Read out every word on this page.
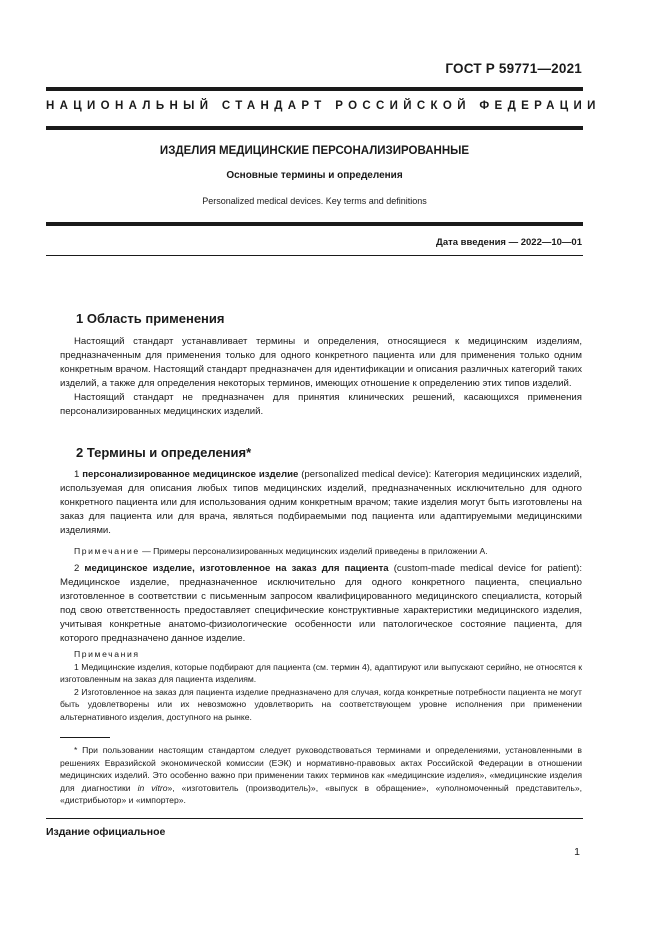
ГОСТ Р 59771—2021
НАЦИОНАЛЬНЫЙ СТАНДАРТ РОССИЙСКОЙ ФЕДЕРАЦИИ
ИЗДЕЛИЯ МЕДИЦИНСКИЕ ПЕРСОНАЛИЗИРОВАННЫЕ
Основные термины и определения
Personalized medical devices. Key terms and definitions
Дата введения — 2022—10—01
1 Область применения

Настоящий стандарт устанавливает термины и определения, относящиеся к медицинским изделиям, предназначенным для применения только для одного конкретного пациента или для применения только одним конкретным врачом. Настоящий стандарт предназначен для идентификации и описания различных категорий таких изделий, а также для определения некоторых терминов, имеющих отношение к определению этих типов изделий.

Настоящий стандарт не предназначен для принятия клинических решений, касающихся применения персонализированных медицинских изделий.

2 Термины и определения*

1 персонализированное медицинское изделие (personalized medical device): Категория медицинских изделий, используемая для описания любых типов медицинских изделий, предназначенных исключительно для одного конкретного пациента или для использования одним конкретным врачом; такие изделия могут быть изготовлены на заказ для пациента или для врача, являться подбираемыми под пациента или адаптируемыми медицинскими изделиями.

Примечание — Примеры персонализированных медицинских изделий приведены в приложении А.

2 медицинское изделие, изготовленное на заказ для пациента (custom-made medical device for patient): Медицинское изделие, предназначенное исключительно для одного конкретного пациента, специально изготовленное в соответствии с письменным запросом квалифицированного медицинского специалиста, который под свою ответственность предоставляет специфические конструктивные характеристики медицинского изделия, учитывая конкретные анатомо-физиологические особенности или патологическое состояние пациента, для которого предназначено данное изделие.

Примечания

1 Медицинские изделия, которые подбирают для пациента (см. термин 4), адаптируют или выпускают серийно, не относятся к изготовленным на заказ для пациента изделиям.

2 Изготовленное на заказ для пациента изделие предназначено для случая, когда конкретные потребности пациента не могут быть удовлетворены или их невозможно удовлетворить на соответствующем уровне исполнения при применении альтернативного изделия, доступного на рынке.

* При пользовании настоящим стандартом следует руководствоваться терминами и определениями, установленными в решениях Евразийской экономической комиссии (ЕЭК) и нормативно-правовых актах Российской Федерации в отношении медицинских изделий. Это особенно важно при применении таких терминов как «медицинские изделия», «медицинские изделия для диагностики in vitro», «изготовитель (производитель)», «выпуск в обращение», «уполномоченный представитель», «дистрибьютор» и «импортер».

Издание официальное
1
